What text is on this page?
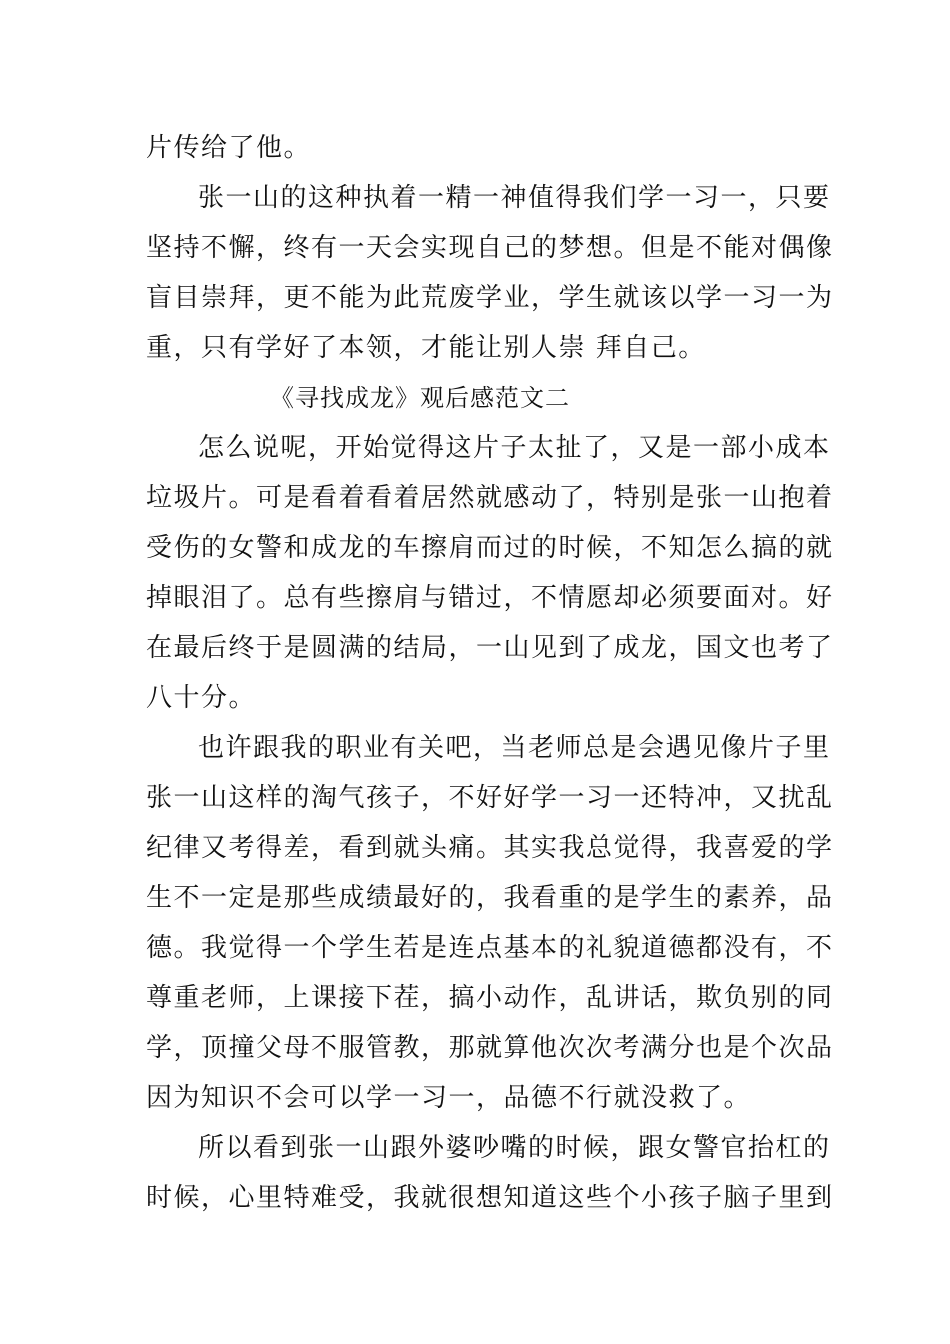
片传给了他。
张一山的这种执着一精一神值得我们学一习一，只要
坚持不懈，终有一天会实现自己的梦想。但是不能对偶像
盲目崇拜，更不能为此荒废学业，学生就该以学一习一为
重，只有学好了本领，才能让别人崇 拜自己。
《寻找成龙》观后感范文二
怎么说呢，开始觉得这片子太扯了，又是一部小成本
垃圾片。可是看着看着居然就感动了，特别是张一山抱着
受伤的女警和成龙的车擦肩而过的时候，不知怎么搞的就
掉眼泪了。总有些擦肩与错过，不情愿却必须要面对。好
在最后终于是圆满的结局，一山见到了成龙，国文也考了
八十分。
也许跟我的职业有关吧，当老师总是会遇见像片子里
张一山这样的淘气孩子，不好好学一习一还特冲，又扰乱
纪律又考得差，看到就头痛。其实我总觉得，我喜爱的学
生不一定是那些成绩最好的，我看重的是学生的素养，品
德。我觉得一个学生若是连点基本的礼貌道德都没有，不
尊重老师，上课接下茬，搞小动作，乱讲话，欺负别的同
学，顶撞父母不服管教，那就算他次次考满分也是个次品
因为知识不会可以学一习一，品德不行就没救了。
所以看到张一山跟外婆吵嘴的时候，跟女警官抬杠的
时候，心里特难受，我就很想知道这些个小孩子脑子里到
